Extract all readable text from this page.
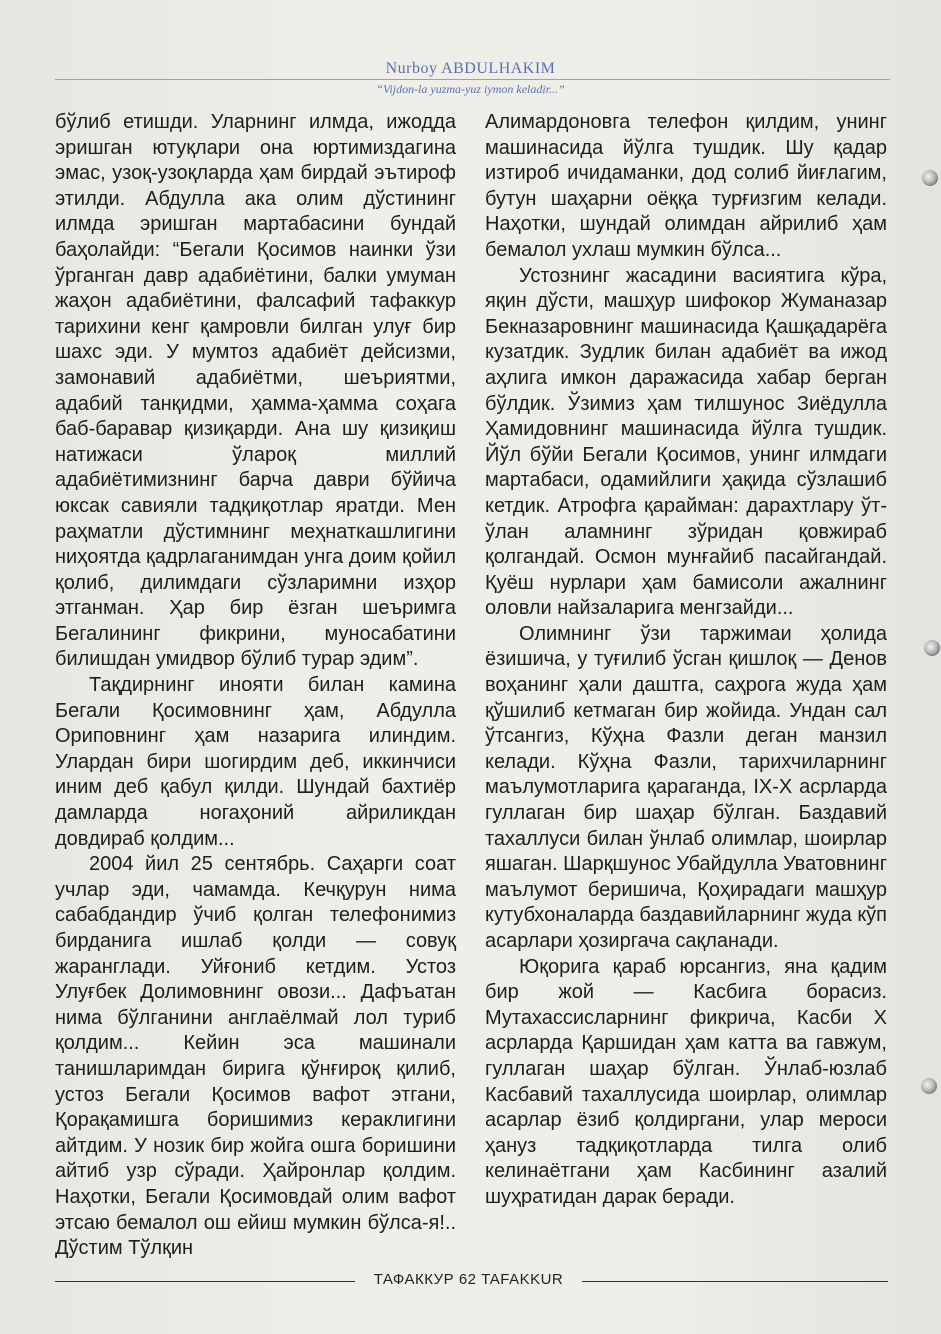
Nurboy ABDULHAKIM
“Vijdon-la yuzma-yuz iymon keladir...”

бўлиб етишди. Уларнинг илмда, ижодда эришган ютуқлари она юртимиздагина эмас, узоқ-узоқларда ҳам бирдай эътироф этилди. Абдулла ака олим дўстининг илмда эришган мартабасини бундай баҳолайди: “Бегали Қосимов наинки ўзи ўрганган давр адабиётини, балки умуман жаҳон адабиётини, фалсафий тафаккур тарихини кенг қамровли билган улуғ бир шахс эди. У мумтоз адабиёт дейсизми, замонавий адабиётми, шеъриятми, адабий танқидми, ҳамма-ҳамма соҳага баб-баравар қизиқарди. Ана шу қизиқиш натижаси ўлароқ миллий адабиётимизнинг барча даври бўйича юксак савияли тадқиқотлар яратди. Мен раҳматли дўстимнинг меҳнаткашлигини ниҳоятда қадрлаганимдан унга доим қойил қолиб, дилимдаги сўзларимни изҳор этганман. Ҳар бир ёзган шеъримга Бегалининг фикрини, муносабатини билишдан умидвор бўлиб турар эдим”.

Тақдирнинг инояти билан камина Бегали Қосимовнинг ҳам, Абдулла Ориповнинг ҳам назарига илиндим. Улардан бири шогирдим деб, иккинчиси иним деб қабул қилди. Шундай бахтиёр дамларда ногаҳоний айриликдан довдираб қолдим...

2004 йил 25 сентябрь. Саҳарги соат учлар эди, чамамда. Кечқурун нима сабабдандир ўчиб қолган телефонимиз бирданига ишлаб қолди — совуқ жаранглади. Уйғониб кетдим. Устоз Улуғбек Долимовнинг овози... Дафъатан нима бўлганини англаёлмай лол туриб қолдим... Кейин эса машинали танишларимдан бирига қўнғироқ қилиб, устоз Бегали Қосимов вафот этгани, Қорақамишга боришимиз кераклигини айтдим. У нозик бир жойга ошга боришини айтиб узр сўради. Ҳайронлар қолдим. Наҳотки, Бегали Қосимовдай олим вафот этсаю бемалол ош ейиш мумкин бўлса-я!.. Дўстим Тўлқин

Алимардоновга телефон қилдим, унинг машинасида йўлга тушдик. Шу қадар изтироб ичидаманки, дод солиб йиғлагим, бутун шаҳарни оёққа турғизгим келади. Наҳотки, шундай олимдан айрилиб ҳам бемалол ухлаш мумкин бўлса...

Устознинг жасадини васиятига кўра, яқин дўсти, машҳур шифокор Жуманазар Бекназаровнинг машинасида Қашқадарёга кузатдик. Зудлик билан адабиёт ва ижод аҳлига имкон даражасида хабар берган бўлдик. Ўзимиз ҳам тилшунос Зиёдулла Ҳамидовнинг машинасида йўлга тушдик. Йўл бўйи Бегали Қосимов, унинг илмдаги мартабаси, одамийлиги ҳақида сўзлашиб кетдик. Атрофга қарайман: дарахтлару ўт-ўлан аламнинг зўридан қовжираб қолгандай. Осмон мунғайиб пасайгандай. Қуёш нурлари ҳам бамисоли ажалнинг оловли найзаларига менгзайди...

Олимнинг ўзи таржимаи ҳолида ёзишича, у туғилиб ўсган қишлоқ — Денов воҳанинг ҳали даштга, саҳрога жуда ҳам қўшилиб кетмаган бир жойида. Ундан сал ўтсангиз, Кўҳна Фазли деган манзил келади. Кўҳна Фазли, тарихчиларнинг маълумотларига қараганда, IX-X асрларда гуллаган бир шаҳар бўлган. Баздавий тахаллуси билан ўнлаб олимлар, шоирлар яшаган. Шарқшунос Убайдулла Уватовнинг маълумот беришича, Қоҳирадаги машҳур кутубхоналарда баздавийларнинг жуда кўп асарлари ҳозиргача сақланади.

Юқорига қараб юрсангиз, яна қадим бир жой — Касбига борасиз. Мутахассисларнинг фикрича, Касби X асрларда Қаршидан ҳам катта ва гавжум, гуллаган шаҳар бўлган. Ўнлаб-юзлаб Касбавий тахаллусида шоирлар, олимлар асарлар ёзиб қолдиргани, улар мероси ҳануз тадқиқотларда тилга олиб келинаётгани ҳам Касбининг азалий шуҳратидан дарак беради.

ТАФАККУР 62 TAFAKKUR
